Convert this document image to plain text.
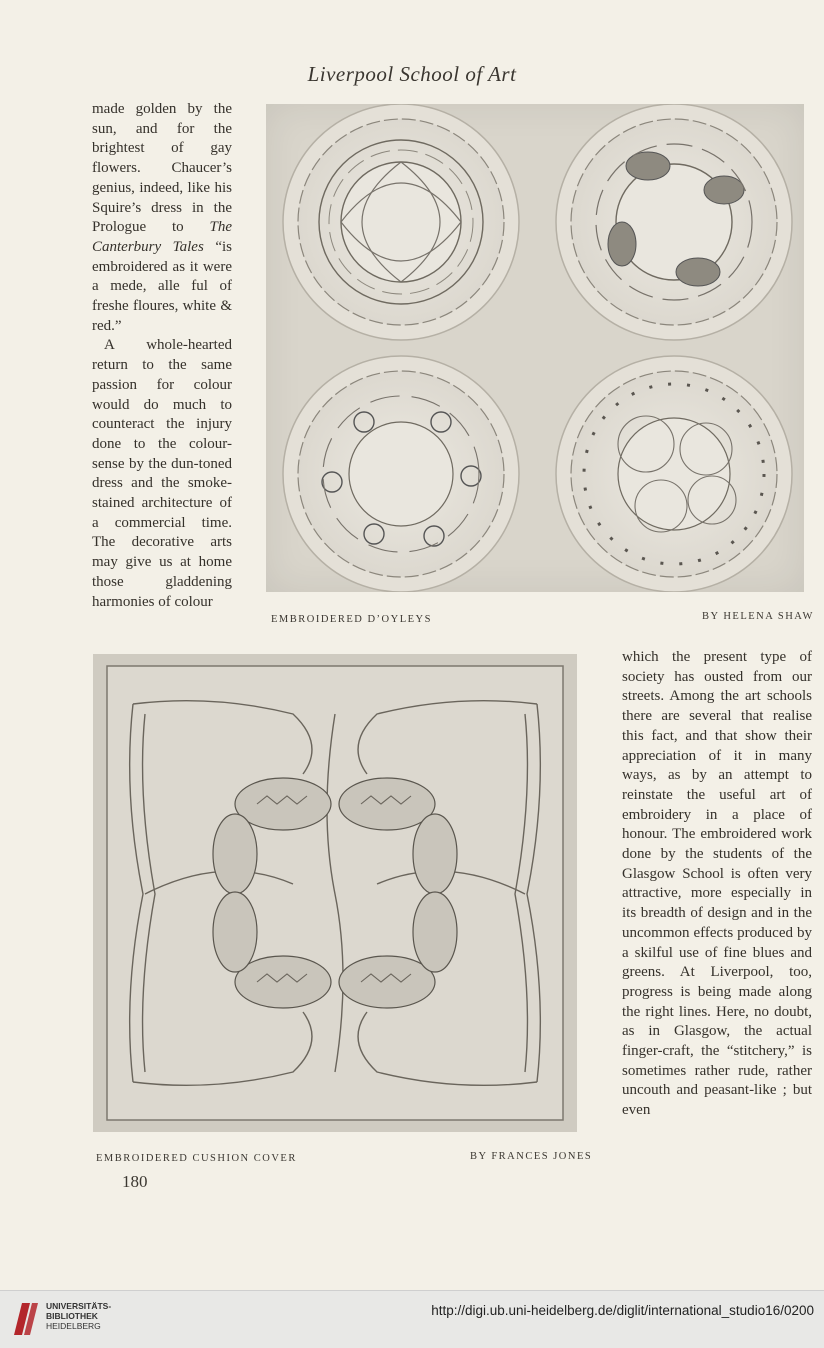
Liverpool School of Art

made golden by the sun, and for the brightest of gay flowers. Chaucer’s genius, indeed, like his Squire’s dress in the Prologue to The Canterbury Tales “is embroidered as it were a mede, alle ful of freshe floures, white & red.”

A whole-hearted return to the same passion for colour would do much to counteract the injury done to the colour-sense by the dun-toned dress and the smoke-stained architecture of a commercial time. The decorative arts may give us at home those gladdening harmonies of colour

EMBROIDERED D’OYLEYS	BY HELENA SHAW
EMBROIDERED CUSHION COVER	BY FRANCES JONES
which the present type of society has ousted from our streets. Among the art schools there are several that realise this fact, and that show their appreciation of it in many ways, as by an attempt to reinstate the useful art of embroidery in a place of honour. The embroidered work done by the students of the Glasgow School is often very attractive, more especially in its breadth of design and in the uncommon effects produced by a skilful use of fine blues and greens. At Liverpool, too, progress is being made along the right lines. Here, no doubt, as in Glasgow, the actual finger-craft, the “stitchery,” is sometimes rather rude, rather uncouth and peasant-like ; but even
180
UNIVERSITÄTS-
BIBLIOTHEK
HEIDELBERG
http://digi.ub.uni-heidelberg.de/diglit/international_studio16/0200
